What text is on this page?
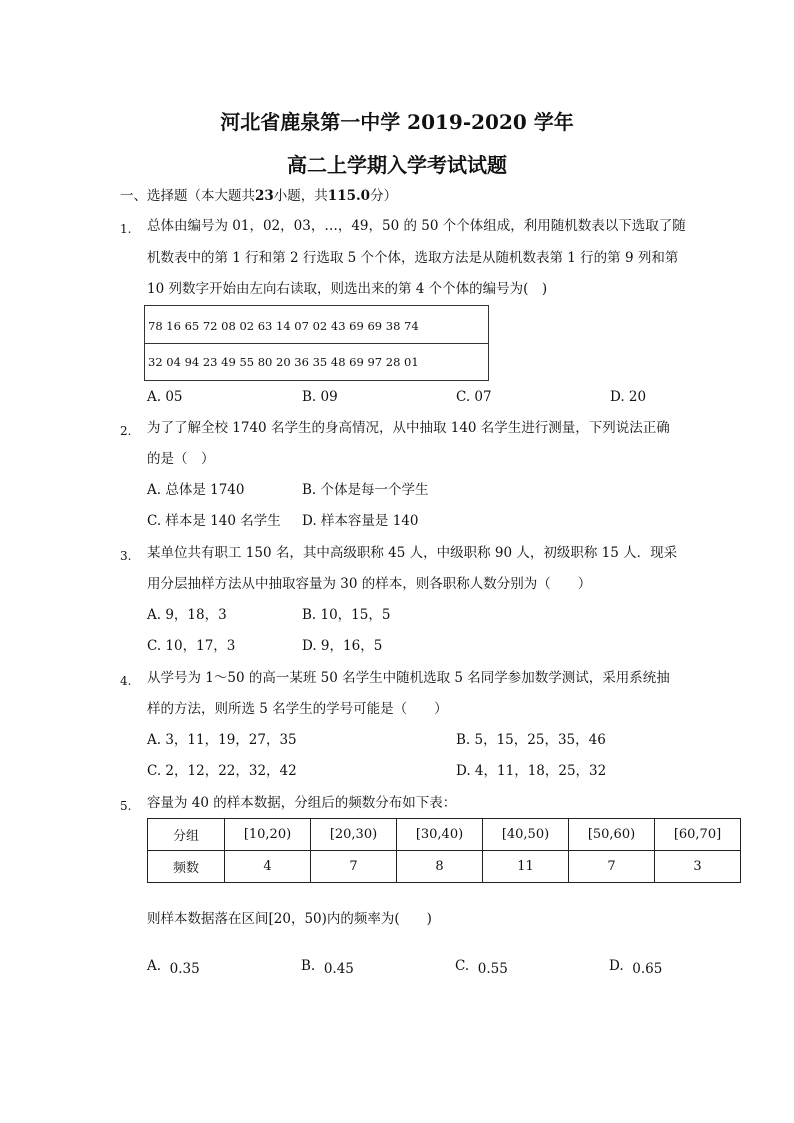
河北省鹿泉第一中学 2019-2020 学年
高二上学期入学考试试题
一、选择题（本大题共23小题，共115.0分）
1. 总体由编号为 01，02，03，…，49，50 的 50 个个体组成，利用随机数表以下选取了随
机数表中的第 1 行和第 2 行选取 5 个个体，选取方法是从随机数表第 1 行的第 9 列和第
10 列数字开始由左向右读取，则选出来的第 4 个个体的编号为(　)
78 16 65 72 08 02 63 14 07 02 43 69 69 38 74
32 04 94 23 49 55 80 20 36 35 48 69 97 28 01
A. 05	B. 09	C. 07	D. 20
2. 为了了解全校 1740 名学生的身高情况，从中抽取 140 名学生进行测量，下列说法正确
的是（　）
A. 总体是 1740	B. 个体是每一个学生
C. 样本是 140 名学生 D. 样本容量是 140
3. 某单位共有职工 150 名，其中高级职称 45 人，中级职称 90 人，初级职称 15 人．现采
用分层抽样方法从中抽取容量为 30 的样本，则各职称人数分别为（　　）
A. 9，18，3	B. 10，15，5
C. 10，17，3	D. 9，16，5
4. 从学号为 1～50 的高一某班 50 名学生中随机选取 5 名同学参加数学测试，采用系统抽
样的方法，则所选 5 名学生的学号可能是（　　）
A. 3，11，19，27，35	B. 5，15，25，35，46
C. 2，12，22，32，42	D. 4，11，18，25，32
5. 容量为 40 的样本数据，分组后的频数分布如下表：
分组	[10,20)	[20,30)	[30,40)	[40,50)	[50,60)	[60,70]
频数	4	7	8	11	7	3
则样本数据落在区间[20，50)内的频率为(　　)
A. 0.35	B. 0.45	C. 0.55	D. 0.65
